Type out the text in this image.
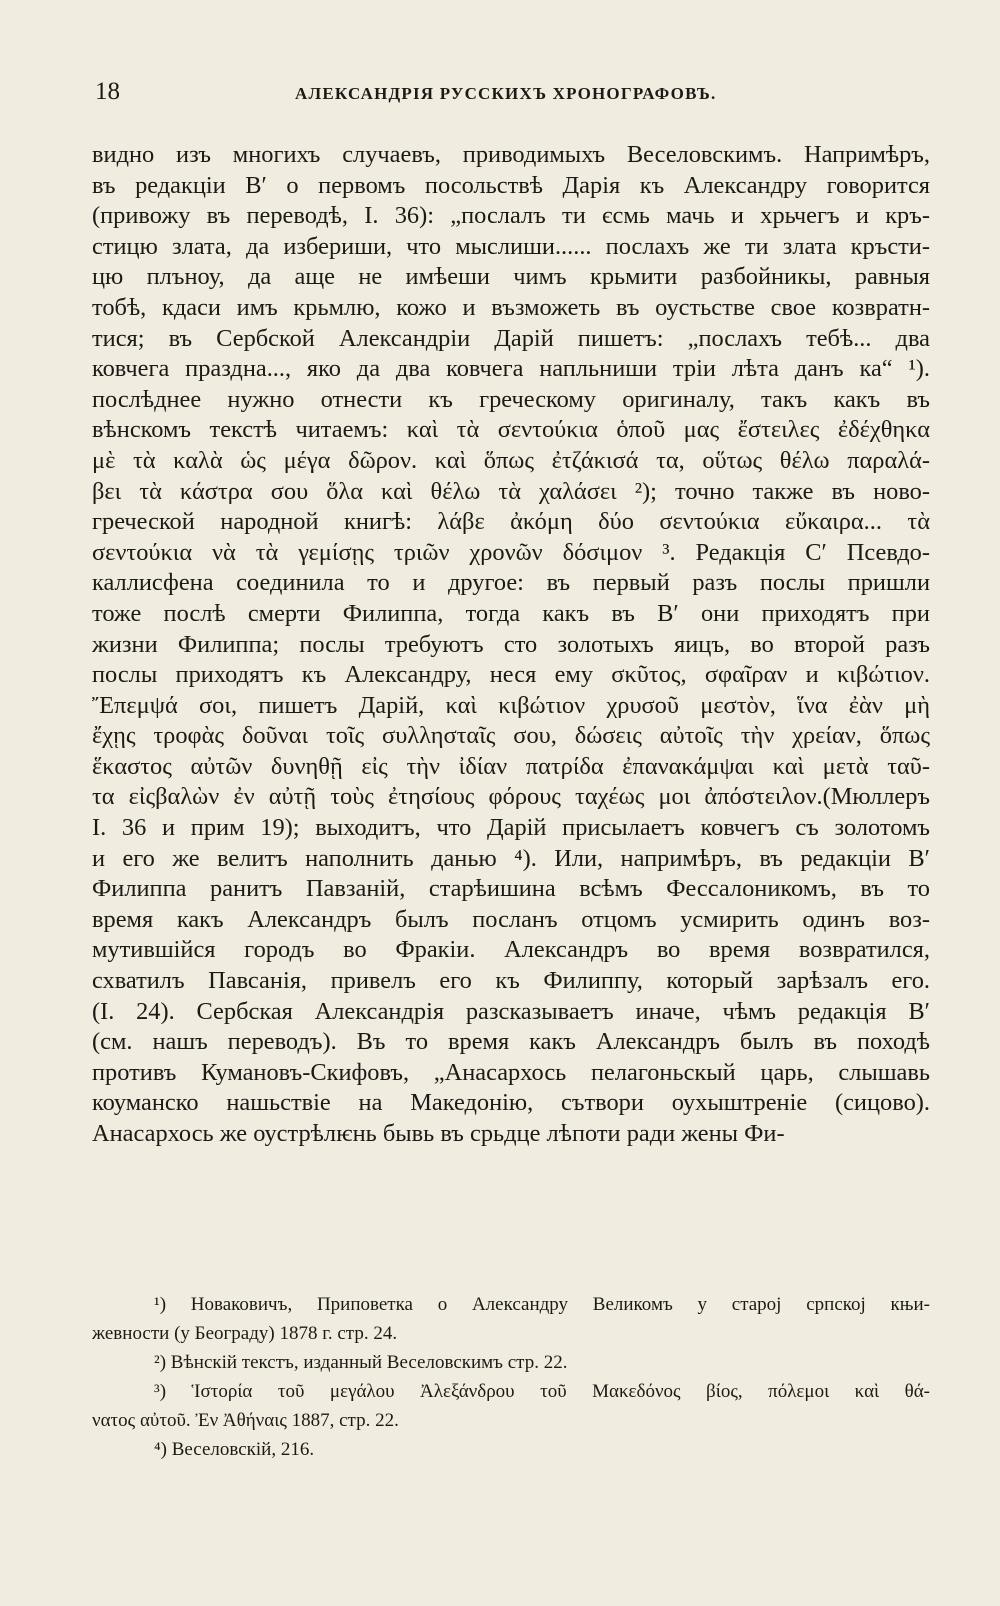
18	АЛЕКСАНДРІЯ РУССКИХЪ ХРОНОГРАФОВЪ.

видно изъ многихъ случаевъ, приводимыхъ Веселовскимъ. Напримѣръ,
въ редакціи В′ о первомъ посольствѣ Дарія къ Александру говорится
(привожу въ переводѣ, I. 36): „послалъ ти єсмь мачь и хрьчегъ и кръ-
стицю злата, да избериши, что мыслиши...... послахъ же ти злата кръсти-
цю плъноу, да аще не имѣеши чимъ крьмити разбойникы, равныя
тобѣ, кдаси имъ крьмлю, кожо и възможеть въ оустьстве свое козвратн-
тися; въ Сербской Александріи Дарій пишетъ: „послахъ тебѣ... два
ковчега праздна..., яко да два ковчега напльниши тріи лѣта данъ ка“ ¹).
послѣднее нужно отнести къ греческому оригиналу, такъ какъ въ
вѣнскомъ текстѣ читаемъ: καὶ τὰ σεντούκια ὁποῦ μας ἔστειλες ἐδέχθηκα
μὲ τὰ καλὰ ὡς μέγα δῶρον. καὶ ὅπως ἐτζάκισά τα, οὕτως θέλω παραλά-
βει τὰ κάστρα σου ὅλα καὶ θέλω τὰ χαλάσει ²); точно также въ ново-
греческой народной книгѣ: λάβε ἀκόμη δύο σεντούκια εὔκαιρα... τὰ
σεντούκια νὰ τὰ γεμίσῃς τριῶν χρονῶν δόσιμον ³. Редакція С′ Псевдо-
каллисфена соединила то и другое: въ первый разъ послы пришли
тоже послѣ смерти Филиппа, тогда какъ въ В′ они приходятъ при
жизни Филиппа; послы требуютъ сто золотыхъ яицъ, во второй разъ
послы приходятъ къ Александру, неся ему σκῦτος, σφαῖραν и κιβώτιον.
Ἔπεμψά σοι, пишетъ Дарій, καὶ κιβώτιον χρυσοῦ μεστὸν, ἵνα ἐὰν μὴ
ἔχῃς τροφὰς δοῦναι τοῖς συλλησταῖς σου, δώσεις αὐτοῖς τὴν χρείαν, ὅπως
ἕκαστος αὐτῶν δυνηθῇ εἰς τὴν ἰδίαν πατρίδα ἐπανακάμψαι καὶ μετὰ ταῦ-
τα εἰςβαλὼν ἐν αὐτῇ τοὺς ἐτησίους φόρους ταχέως μοι ἀπόστειλον.(Мюллеръ
I. 36 и прим 19); выходитъ, что Дарій присылаетъ ковчегъ съ золотомъ
и его же велитъ наполнить данью ⁴). Или, напримѣръ, въ редакціи В′
Филиппа ранитъ Павзаній, старѣишина всѣмъ Фессалоникомъ, въ то
время какъ Александръ былъ посланъ отцомъ усмирить одинъ воз-
мутившійся городъ во Фракіи. Александръ во время возвратился,
схватилъ Павсанія, привелъ его къ Филиппу, который зарѣзалъ его.
(I. 24). Сербская Александрія разсказываетъ иначе, чѣмъ редакція В′
(см. нашъ переводъ). Въ то время какъ Александръ былъ въ походѣ
противъ Кумановъ-Скифовъ, „Анасархось пелагоньскый царь, слышавь
коуманско нашьствіе на Македонію, сътвори оухыштреніе (сицово).
Анасархось же оустрѣлѥнь бывь въ срьдце лѣпоти ради жены Фи-

¹) Новаковичъ, Приповетка о Александру Великомъ у старој српској књи-
жевности (у Београду) 1878 г. стр. 24.
²) Вѣнскій текстъ, изданный Веселовскимъ стр. 22.
³) Ἱστορία τοῦ μεγάλου Ἀλεξάνδρου τοῦ Μακεδόνος βίος, πόλεμοι καὶ θά-
νατος αὐτοῦ. Ἐν Ἀθήναις 1887, стр. 22.
⁴) Веселовскій, 216.
